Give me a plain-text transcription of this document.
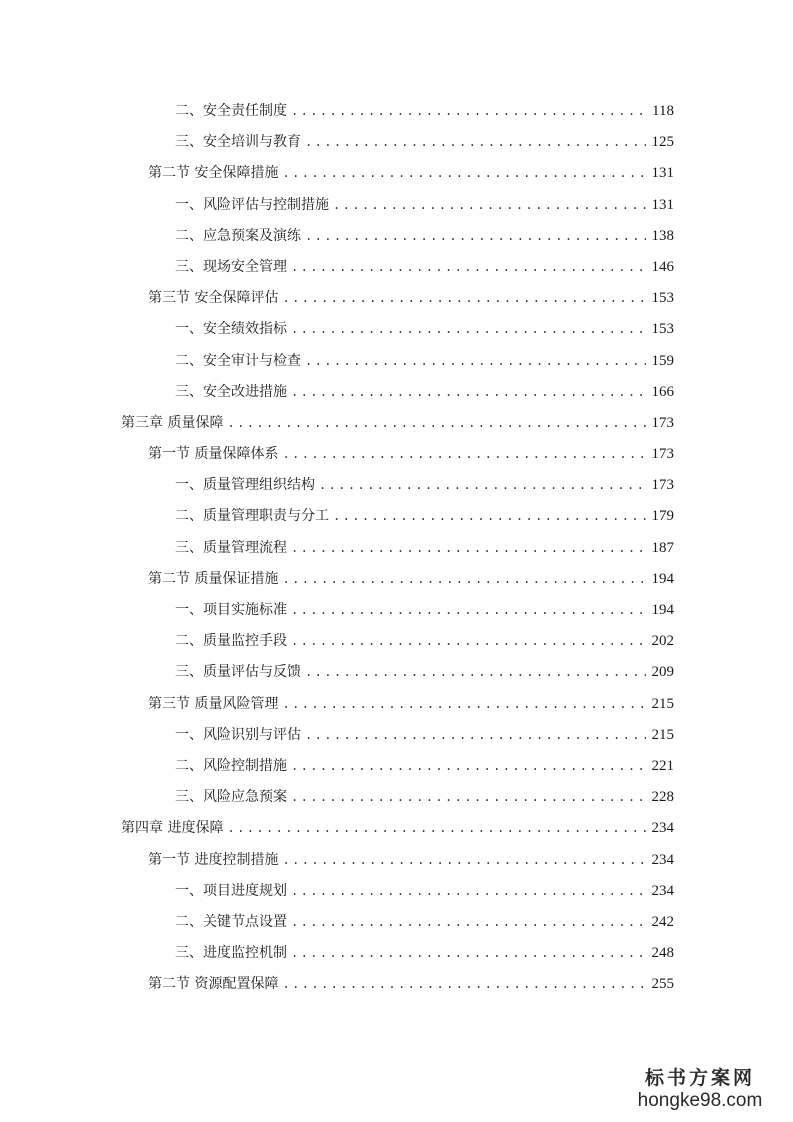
二、安全责任制度 .....	118
三、安全培训与教育 .....	125
第二节 安全保障措施 .....	131
一、风险评估与控制措施 .....	131
二、应急预案及演练 .....	138
三、现场安全管理 .....	146
第三节 安全保障评估 .....	153
一、安全绩效指标 .....	153
二、安全审计与检查 .....	159
三、安全改进措施 .....	166
第三章 质量保障 .....	173
第一节 质量保障体系 .....	173
一、质量管理组织结构 .....	173
二、质量管理职责与分工 .....	179
三、质量管理流程 .....	187
第二节 质量保证措施 .....	194
一、项目实施标准 .....	194
二、质量监控手段 .....	202
三、质量评估与反馈 .....	209
第三节 质量风险管理 .....	215
一、风险识别与评估 .....	215
二、风险控制措施 .....	221
三、风险应急预案 .....	228
第四章 进度保障 .....	234
第一节 进度控制措施 .....	234
一、项目进度规划 .....	234
二、关键节点设置 .....	242
三、进度监控机制 .....	248
第二节 资源配置保障 .....	255
标书方案网
hongke98.com
